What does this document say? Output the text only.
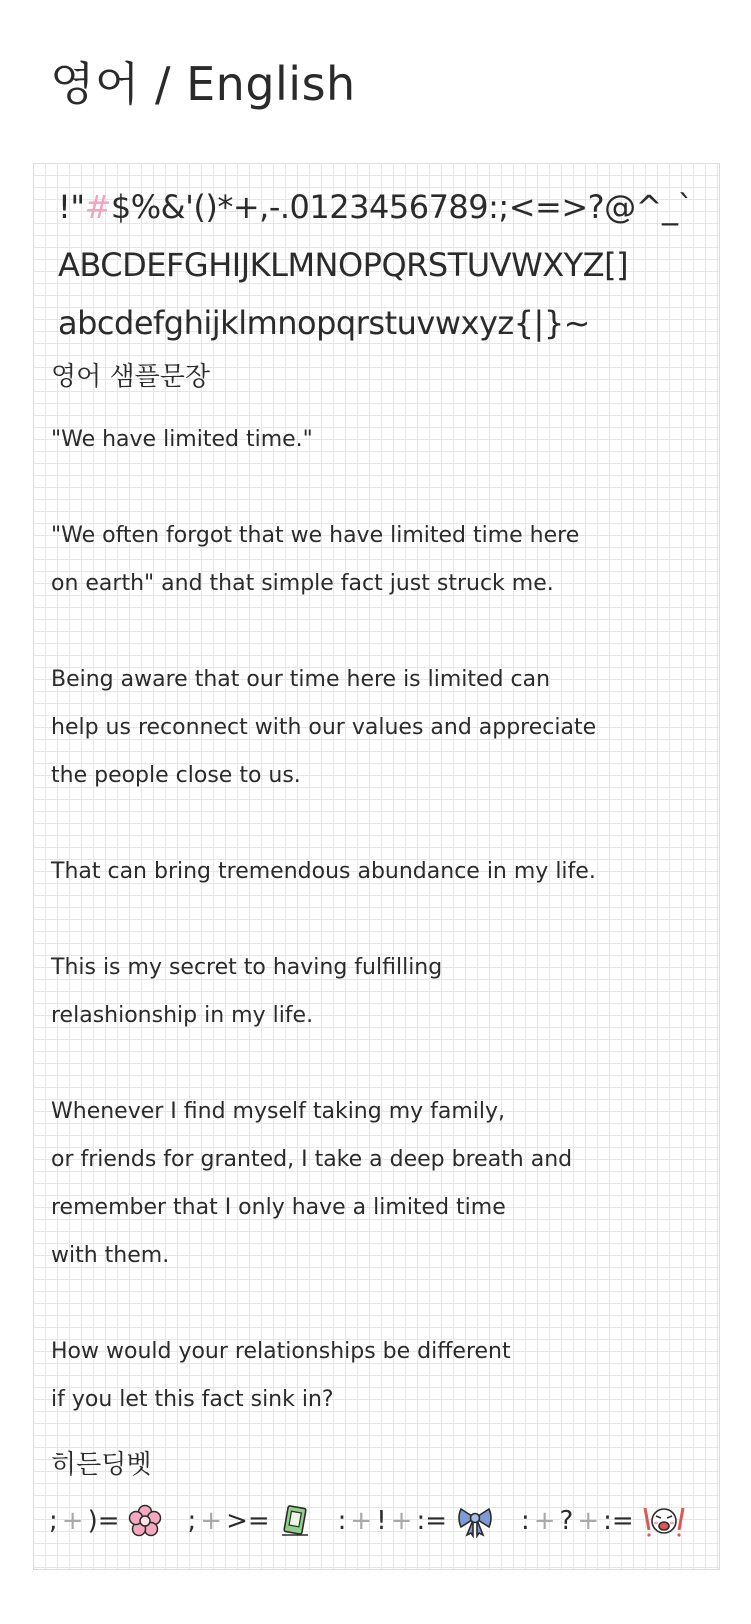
영어 / English
!"#$%&'()*+,-.0123456789:;<=>?@^_`
ABCDEFGHIJKLMNOPQRSTUVWXYZ[]
abcdefghijklmnopqrstuvwxyz{|}~
영어 샘플문장

"We have limited time."

"We often forgot that we have limited time here
on earth" and that simple fact just struck me.

Being aware that our time here is limited can
help us reconnect with our values and appreciate
the people close to us.

That can bring tremendous abundance in my life.

This is my secret to having fulfilling
relashionship in my life.

Whenever I find myself taking my family,
or friends for granted, I take a deep breath and
remember that I only have a limited time
with them.

How would your relationships be different
if you let this fact sink in?

히든딩벳
; + )=	; + >=	: + ! + :=	: + ? + :=
